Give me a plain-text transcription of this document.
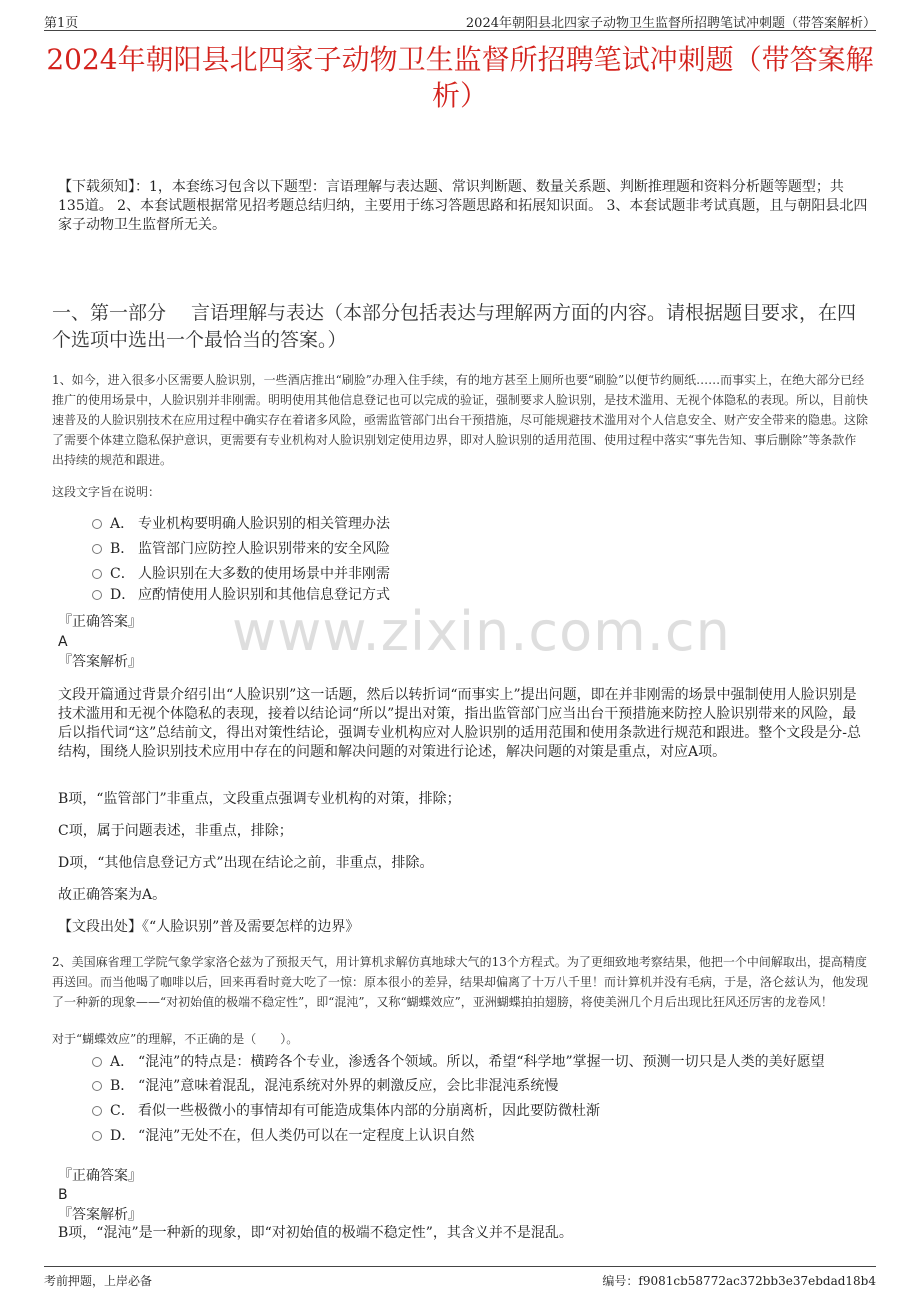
第1页	2024年朝阳县北四家子动物卫生监督所招聘笔试冲刺题（带答案解析）
2024年朝阳县北四家子动物卫生监督所招聘笔试冲刺题（带答案解析）
【下载须知】：1，本套练习包含以下题型：言语理解与表达题、常识判断题、数量关系题、判断推理题和资料分析题等题型；共135道。 2、本套试题根据常见招考题总结归纳，主要用于练习答题思路和拓展知识面。 3、本套试题非考试真题，且与朝阳县北四家子动物卫生监督所无关。
一、第一部分　 言语理解与表达（本部分包括表达与理解两方面的内容。请根据题目要求，在四个选项中选出一个最恰当的答案。）
1、如今，进入很多小区需要人脸识别，一些酒店推出“刷脸”办理入住手续，有的地方甚至上厕所也要“刷脸”以便节约厕纸……而事实上，在绝大部分已经推广的使用场景中，人脸识别并非刚需。明明使用其他信息登记也可以完成的验证，强制要求人脸识别，是技术滥用、无视个体隐私的表现。所以，目前快速普及的人脸识别技术在应用过程中确实存在着诸多风险，亟需监管部门出台干预措施，尽可能规避技术滥用对个人信息安全、财产安全带来的隐患。这除了需要个体建立隐私保护意识，更需要有专业机构对人脸识别划定使用边界，即对人脸识别的适用范围、使用过程中落实“事先告知、事后删除”等条款作出持续的规范和跟进。
这段文字旨在说明：
A． 专业机构要明确人脸识别的相关管理办法
B． 监管部门应防控人脸识别带来的安全风险
C． 人脸识别在大多数的使用场景中并非刚需
D． 应酌情使用人脸识别和其他信息登记方式
『正确答案』
A
『答案解析』
文段开篇通过背景介绍引出“人脸识别”这一话题，然后以转折词“而事实上”提出问题，即在并非刚需的场景中强制使用人脸识别是技术滥用和无视个体隐私的表现，接着以结论词“所以”提出对策，指出监管部门应当出台干预措施来防控人脸识别带来的风险，最后以指代词“这”总结前文，得出对策性结论，强调专业机构应对人脸识别的适用范围和使用条款进行规范和跟进。整个文段是分-总结构，围绕人脸识别技术应用中存在的问题和解决问题的对策进行论述，解决问题的对策是重点，对应A项。
B项，“监管部门”非重点，文段重点强调专业机构的对策，排除；
C项，属于问题表述，非重点，排除；
D项，“其他信息登记方式”出现在结论之前，非重点，排除。
故正确答案为A。
【文段出处】《“人脸识别”普及需要怎样的边界》
2、美国麻省理工学院气象学家洛仑兹为了预报天气，用计算机求解仿真地球大气的13个方程式。为了更细致地考察结果，他把一个中间解取出，提高精度再送回。而当他喝了咖啡以后，回来再看时竟大吃了一惊：原本很小的差异，结果却偏离了十万八千里！而计算机并没有毛病，于是，洛仑兹认为，他发现了一种新的现象——“对初始值的极端不稳定性”，即“混沌”，又称“蝴蝶效应”，亚洲蝴蝶拍拍翅膀，将使美洲几个月后出现比狂风还厉害的龙卷风！
对于“蝴蝶效应”的理解，不正确的是（　　）。
A． “混沌”的特点是：横跨各个专业，渗透各个领域。所以，希望“科学地”掌握一切、预测一切只是人类的美好愿望
B． “混沌”意味着混乱，混沌系统对外界的刺激反应，会比非混沌系统慢
C． 看似一些极微小的事情却有可能造成集体内部的分崩离析，因此要防微杜渐
D． “混沌”无处不在，但人类仍可以在一定程度上认识自然
『正确答案』
B
『答案解析』
B项，“混沌”是一种新的现象，即“对初始值的极端不稳定性”，其含义并不是混乱。
www.zixin.com.cn
考前押题，上岸必备	编号：f9081cb58772ac372bb3e37ebdad18b4
